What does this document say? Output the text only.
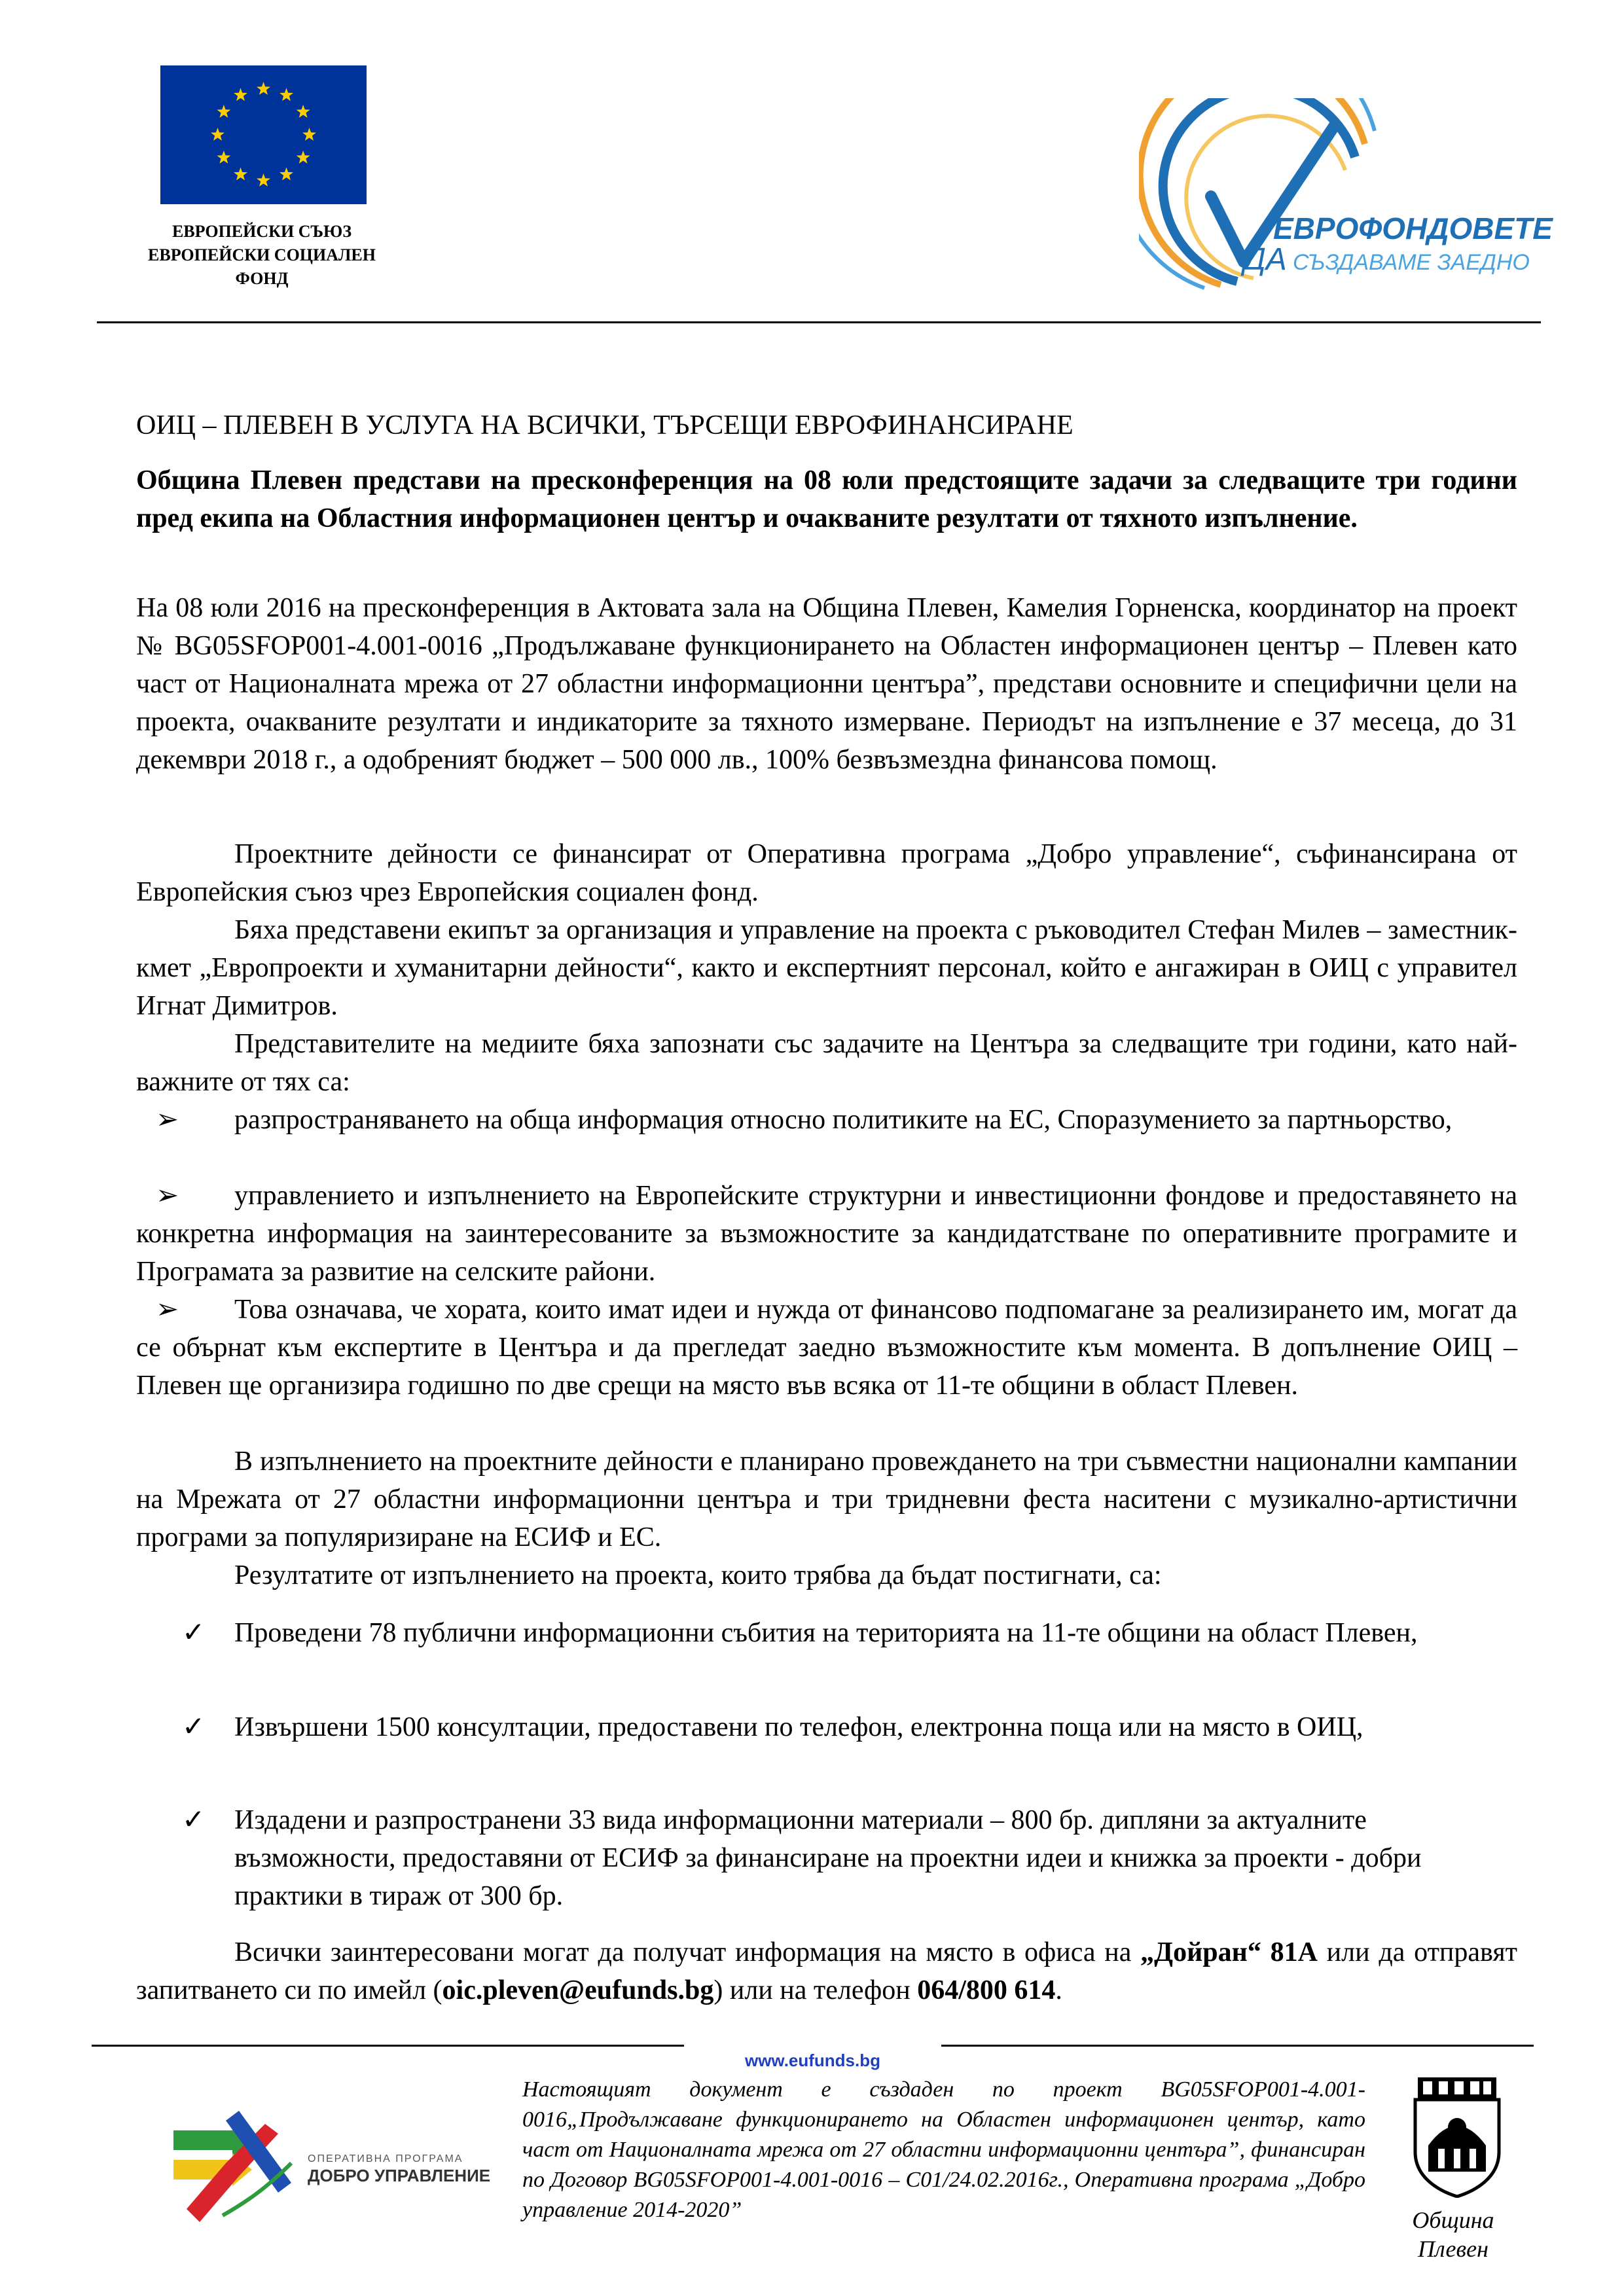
ЕВРОПЕЙСКИ СЪЮЗ
ЕВРОПЕЙСКИ СОЦИАЛЕН
ФОНД
ЕВРОФОНДОВЕТЕ
ДА СЪЗДАВАМЕ ЗАЕДНО
ОИЦ – ПЛЕВЕН В УСЛУГА НА ВСИЧКИ, ТЪРСЕЩИ ЕВРОФИНАНСИРАНЕ
Община Плевен представи на пресконференция на 08 юли предстоящите задачи за следващите три години пред екипа на Областния информационен център и очакваните резултати от тяхното изпълнение.
На 08 юли 2016 на пресконференция в Актовата зала на Община Плевен, Камелия Горненска, координатор на проект № BG05SFOP001-4.001-0016 „Продължаване функционирането на Областен информационен център – Плевен като част от Националната мрежа от 27 областни информационни центъра”, представи основните и специфични цели на проекта, очакваните резултати и индикаторите за тяхното измерване. Периодът на изпълнение е 37 месеца, до 31 декември 2018 г., а одобреният бюджет – 500 000 лв., 100% безвъзмездна финансова помощ.
Проектните дейности се финансират от Оперативна програма „Добро управление“, съфинансирана от Европейския съюз чрез Европейския социален фонд.
Бяха представени екипът за организация и управление на проекта с ръководител Стефан Милев – заместник-кмет „Европроекти и хуманитарни дейности“, както и експертният персонал, който е ангажиран в ОИЦ с управител Игнат Димитров.
Представителите на медиите бяха запознати със задачите на Центъра за следващите три години, като най-важните от тях са:
➢	разпространяването на обща информация относно политиките на ЕС, Споразумението за партньорство,
➢	управлението и изпълнението на Европейските структурни и инвестиционни фондове и предоставянето на конкретна информация на заинтересованите за възможностите за кандидатстване по оперативните програмите и Програмата за развитие на селските райони.
➢	Това означава, че хората, които имат идеи и нужда от финансово подпомагане за реализирането им, могат да се обърнат към експертите в Центъра и да прегледат заедно възможностите към момента. В допълнение ОИЦ – Плевен ще организира годишно по две срещи на място във всяка от 11-те общини в област Плевен.
В изпълнението на проектните дейности е планирано провеждането на три съвместни национални кампании на Мрежата от 27 областни информационни центъра и три тридневни феста наситени с музикално-артистични програми за популяризиране на ЕСИФ и ЕС.
Резултатите от изпълнението на проекта, които трябва да бъдат постигнати, са:
✓ Проведени 78 публични информационни събития на територията на 11-те общини на област Плевен,
✓ Извършени 1500 консултации, предоставени по телефон, електронна поща или на място в ОИЦ,
✓ Издадени и разпространени 33 вида информационни материали – 800 бр. дипляни за актуалните възможности, предоставяни от ЕСИФ за финансиране на проектни идеи и книжка за проекти - добри практики в тираж от 300 бр.
Всички заинтересовани могат да получат информация на място в офиса на „Дойран“ 81А или да отправят запитването си по имейл (oic.pleven@eufunds.bg) или на телефон 064/800 614.
www.eufunds.bg
ОПЕРАТИВНА ПРОГРАМА
ДОБРО УПРАВЛЕНИЕ
Настоящият документ е създаден по проект BG05SFOP001-4.001-0016„Продължаване функционирането на Областен информационен център, като част от Националната мрежа от 27 областни информационни центъра”, финансиран по Договор BG05SFOP001-4.001-0016 – С01/24.02.2016г., Оперативна програма „Добро управление 2014-2020”	Община
Плевен
